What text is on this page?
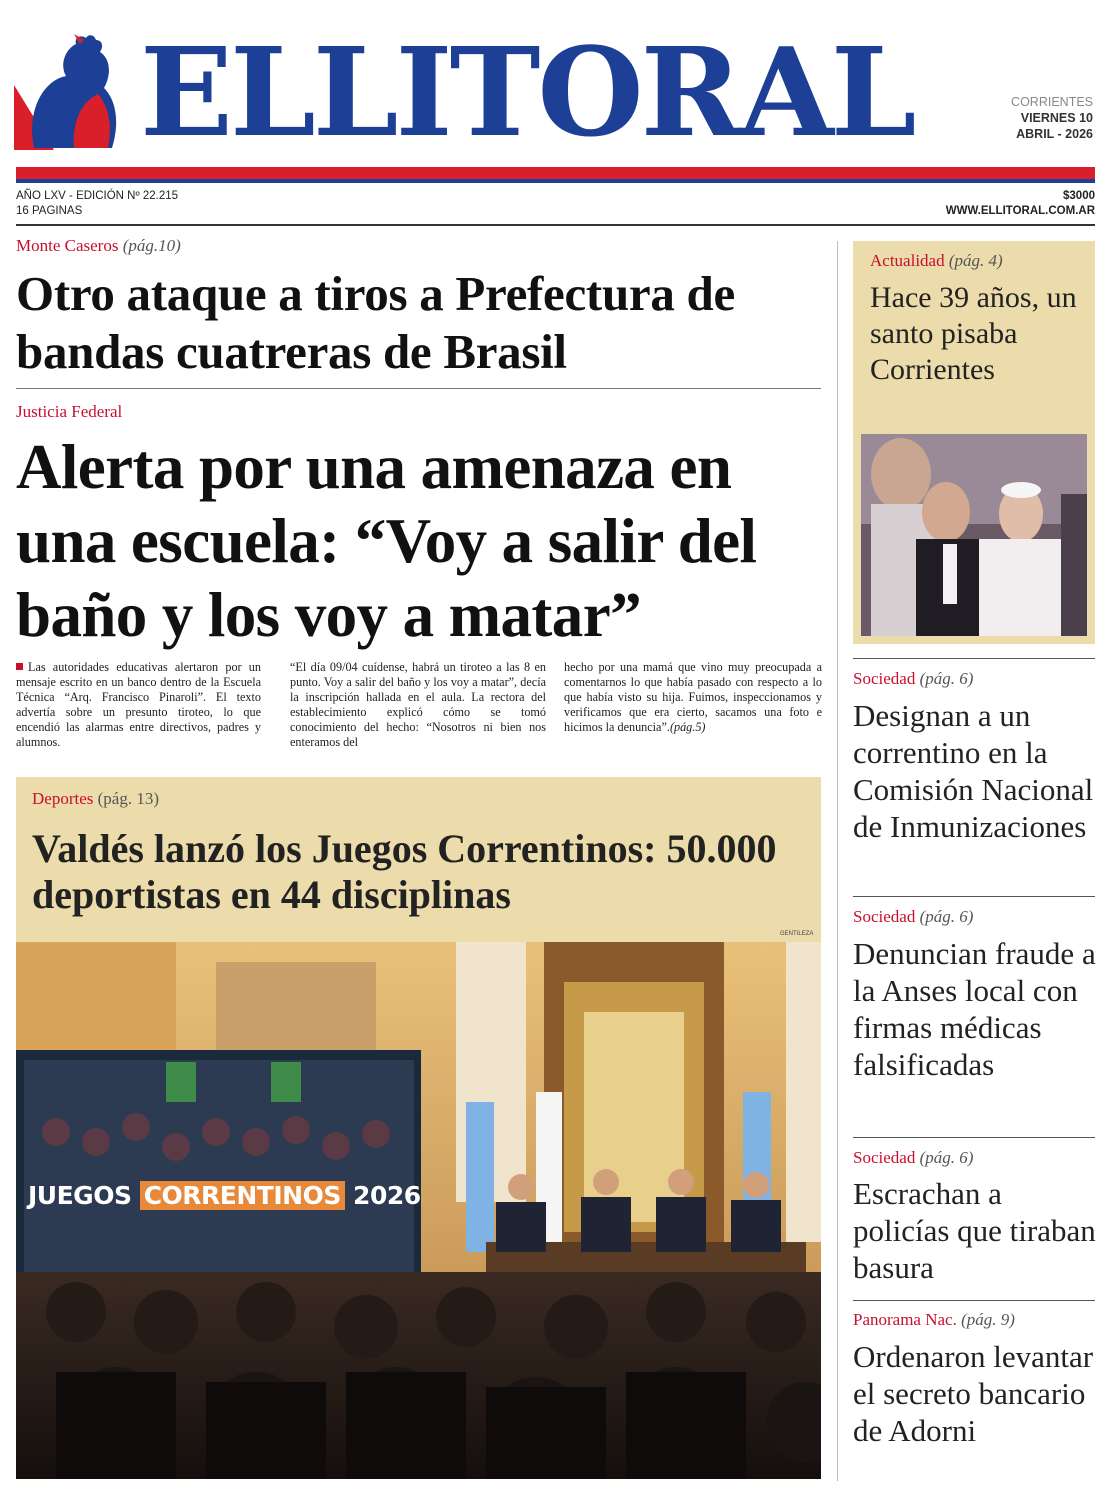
ELLITORAL	CORRIENTES
VIERNES 10
ABRIL - 2026
AÑO LXV - EDICIÓN Nº 22.215
16 PAGINAS
$3000
WWW.ELLITORAL.COM.AR
Monte Caseros (pág.10)
Otro ataque a tiros a Prefectura de bandas cuatreras de Brasil
Justicia Federal
Alerta por una amenaza en una escuela: “Voy a salir del baño y los voy a matar”
Las autoridades educativas alertaron por un mensaje escrito en un banco dentro de la Escuela Técnica “Arq. Francisco Pinaroli”. El texto advertía sobre un presunto tiroteo, lo que encendió las alarmas entre directivos, padres y alumnos.
“El día 09/04 cuídense, habrá un tiroteo a las 8 en punto. Voy a salir del baño y los voy a matar”, decía la inscripción hallada en el aula. La rectora del establecimiento explicó cómo se tomó conocimiento del hecho: “Nosotros ni bien nos enteramos del
hecho por una mamá que vino muy preocupada a comentarnos lo que había pasado con respecto a lo que había visto su hija. Fuimos, inspeccionamos y verificamos que era cierto, sacamos una foto e hicimos la denuncia”.(pág.5)
Deportes (pág. 13)
Valdés lanzó los Juegos Correntinos: 50.000 deportistas en 44 disciplinas
GENTILEZA
JUEGOS CORRENTINOS 2026
Actualidad (pág. 4)
Hace 39 años, un santo pisaba Corrientes
Sociedad (pág. 6)
Designan a un correntino en la Comisión Nacional de Inmunizaciones
Sociedad (pág. 6)
Denuncian fraude a la Anses local con firmas médicas falsificadas
Sociedad (pág. 6)
Escrachan a policías que tiraban basura
Panorama Nac. (pág. 9)
Ordenaron levantar el secreto bancario de Adorni
